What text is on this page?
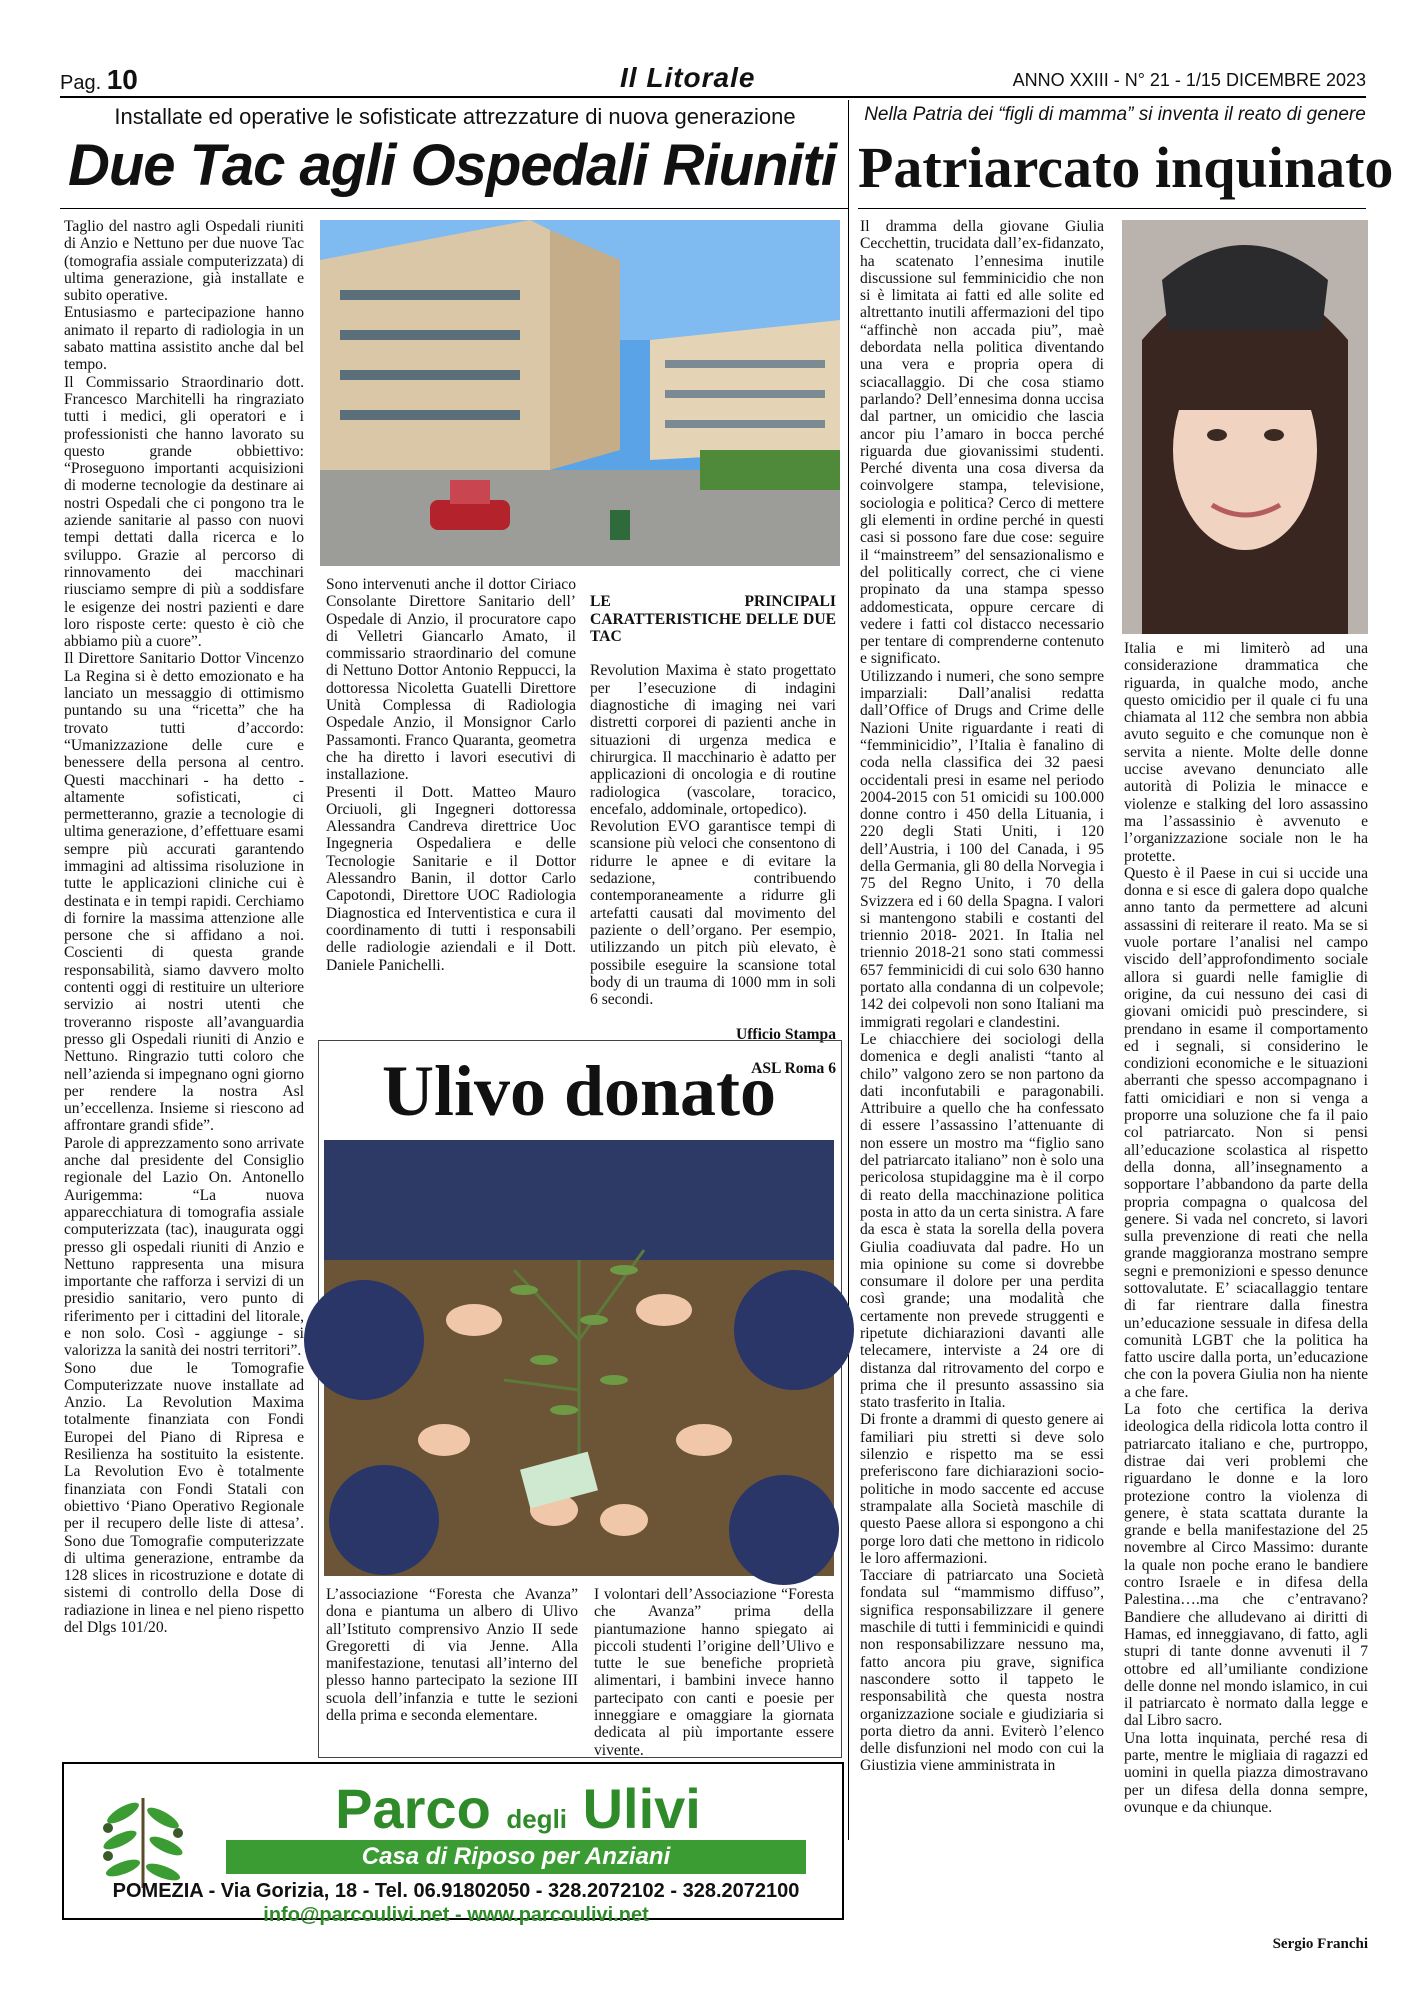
Pag. 10	Il Litorale	ANNO XXIII - N° 21 - 1/15 DICEMBRE 2023
Installate ed operative le sofisticate attrezzature di nuova generazione
Due Tac agli Ospedali Riuniti
Nella Patria dei “figli di mamma” si inventa il reato di genere
Patriarcato inquinato
Taglio del nastro agli Ospedali riuniti di Anzio e Nettuno per due nuove Tac (tomografia assiale computerizzata) di ultima generazione, già installate e subito operative.
Entusiasmo e partecipazione hanno animato il reparto di radiologia in un sabato mattina assistito anche dal bel tempo.
Il Commissario Straordinario dott. Francesco Marchitelli ha ringraziato tutti i medici, gli operatori e i professionisti che hanno lavorato su questo grande obbiettivo: “Proseguono importanti acquisizioni di moderne tecnologie da destinare ai nostri Ospedali che ci pongono tra le aziende sanitarie al passo con nuovi tempi dettati dalla ricerca e lo sviluppo. Grazie al percorso di rinnovamento dei macchinari riusciamo sempre di più a soddisfare le esigenze dei nostri pazienti e dare loro risposte certe: questo è ciò che abbiamo più a cuore”.
Il Direttore Sanitario Dottor Vincenzo La Regina si è detto emozionato e ha lanciato un messaggio di ottimismo puntando su una “ricetta” che ha trovato tutti d’accordo: “Umanizzazione delle cure e benessere della persona al centro. Questi macchinari - ha detto - altamente sofisticati, ci permetteranno, grazie a tecnologie di ultima generazione, d’effettuare esami sempre più accurati garantendo immagini ad altissima risoluzione in tutte le applicazioni cliniche cui è destinata e in tempi rapidi. Cerchiamo di fornire la massima attenzione alle persone che si affidano a noi. Coscienti di questa grande responsabilità, siamo davvero molto contenti oggi di restituire un ulteriore servizio ai nostri utenti che troveranno risposte all’avanguardia presso gli Ospedali riuniti di Anzio e Nettuno. Ringrazio tutti coloro che nell’azienda si impegnano ogni giorno per rendere la nostra Asl un’eccellenza. Insieme si riescono ad affrontare grandi sfide”.
Parole di apprezzamento sono arrivate anche dal presidente del Consiglio regionale del Lazio On. Antonello Aurigemma: “La nuova apparecchiatura di tomografia assiale computerizzata (tac), inaugurata oggi presso gli ospedali riuniti di Anzio e Nettuno rappresenta una misura importante che rafforza i servizi di un presidio sanitario, vero punto di riferimento per i cittadini del litorale, e non solo. Così - aggiunge - si valorizza la sanità dei nostri territori”.
Sono due le Tomografie Computerizzate nuove installate ad Anzio. La Revolution Maxima totalmente finanziata con Fondi Europei del Piano di Ripresa e Resilienza ha sostituito la esistente. La Revolution Evo è totalmente finanziata con Fondi Statali con obiettivo ‘Piano Operativo Regionale per il recupero delle liste di attesa’. Sono due Tomografie computerizzate di ultima generazione, entrambe da 128 slices in ricostruzione e dotate di sistemi di controllo della Dose di radiazione in linea e nel pieno rispetto del Dlgs 101/20.
Sono intervenuti anche il dottor Ciriaco Consolante Direttore Sanitario dell’ Ospedale di Anzio, il procuratore capo di Velletri Giancarlo Amato, il commissario straordinario del comune di Nettuno Dottor Antonio Reppucci, la dottoressa Nicoletta Guatelli Direttore Unità Complessa di Radiologia Ospedale Anzio, il Monsignor Carlo Passamonti. Franco Quaranta, geometra che ha diretto i lavori esecutivi di installazione.
Presenti il Dott. Matteo Mauro Orciuoli, gli Ingegneri dottoressa Alessandra Candreva direttrice Uoc Ingegneria Ospedaliera e delle Tecnologie Sanitarie e il Dottor Alessandro Banin, il dottor Carlo Capotondi, Direttore UOC Radiologia Diagnostica ed Interventistica e cura il coordinamento di tutti i responsabili delle radiologie aziendali e il Dott. Daniele Panichelli.

LE PRINCIPALI CARATTERISTICHE DELLE DUE TAC

Revolution Maxima è stato progettato per l’esecuzione di indagini diagnostiche di imaging nei vari distretti corporei di pazienti anche in situazioni di urgenza medica e chirurgica. Il macchinario è adatto per applicazioni di oncologia e di routine radiologica (vascolare, toracico, encefalo, addominale, ortopedico).
Revolution EVO garantisce tempi di scansione più veloci che consentono di ridurre le apnee e di evitare la sedazione, contribuendo contemporaneamente a ridurre gli artefatti causati dal movimento del paziente o dell’organo. Per esempio, utilizzando un pitch più elevato, è possibile eseguire la scansione total body di un trauma di 1000 mm in soli 6 secondi.

Ufficio Stampa

ASL Roma 6

Ulivo donato
L’associazione “Foresta che Avanza” dona e piantuma un albero di Ulivo all’Istituto comprensivo Anzio II sede Gregoretti di via Jenne. Alla manifestazione, tenutasi all’interno del plesso hanno partecipato la sezione III scuola dell’infanzia e tutte le sezioni della prima e seconda elementare.
I volontari dell’Associazione “Foresta che Avanza” prima della piantumazione hanno spiegato ai piccoli studenti l’origine dell’Ulivo e tutte le sue benefiche proprietà alimentari, i bambini invece hanno partecipato con canti e poesie per inneggiare e omaggiare la giornata dedicata al più importante essere vivente.
Il dramma della giovane Giulia Cecchettin, trucidata dall’ex-fidanzato, ha scatenato l’ennesima inutile discussione sul femminicidio che non si è limitata ai fatti ed alle solite ed altrettanto inutili affermazioni del tipo “affinchè non accada piu”, maè debordata nella politica diventando una vera e propria opera di sciacallaggio. Di che cosa stiamo parlando? Dell’ennesima donna uccisa dal partner, un omicidio che lascia ancor piu l’amaro in bocca perché riguarda due giovanissimi studenti. Perché diventa una cosa diversa da coinvolgere stampa, televisione, sociologia e politica? Cerco di mettere gli elementi in ordine perché in questi casi si possono fare due cose: seguire il “mainstreem” del sensazionalismo e del politically correct, che ci viene propinato da una stampa spesso addomesticata, oppure cercare di vedere i fatti col distacco necessario per tentare di comprenderne contenuto e significato.
Utilizzando i numeri, che sono sempre imparziali: Dall’analisi redatta dall’Office of Drugs and Crime delle Nazioni Unite riguardante i reati di “femminicidio”, l’Italia è fanalino di coda nella classifica dei 32 paesi occidentali presi in esame nel periodo 2004-2015 con 51 omicidi su 100.000 donne contro i 450 della Lituania, i 220 degli Stati Uniti, i 120 dell’Austria, i 100 del Canada, i 95 della Germania, gli 80 della Norvegia i 75 del Regno Unito, i 70 della Svizzera ed i 60 della Spagna. I valori si mantengono stabili e costanti del triennio 2018- 2021. In Italia nel triennio 2018-21 sono stati commessi 657 femminicidi di cui solo 630 hanno portato alla condanna di un colpevole; 142 dei colpevoli non sono Italiani ma immigrati regolari e clandestini.
Le chiacchiere dei sociologi della domenica e degli analisti “tanto al chilo” valgono zero se non partono da dati inconfutabili e paragonabili. Attribuire a quello che ha confessato di essere l’assassino l’attenuante di non essere un mostro ma “figlio sano del patriarcato italiano” non è solo una pericolosa stupidaggine ma è il corpo di reato della macchinazione politica posta in atto da un certa sinistra. A fare da esca è stata la sorella della povera Giulia coadiuvata dal padre. Ho un mia opinione su come si dovrebbe consumare il dolore per una perdita così grande; una modalità che certamente non prevede struggenti e ripetute dichiarazioni davanti alle telecamere, interviste a 24 ore di distanza dal ritrovamento del corpo e prima che il presunto assassino sia stato trasferito in Italia.
Di fronte a drammi di questo genere ai familiari piu stretti si deve solo silenzio e rispetto ma se essi preferiscono fare dichiarazioni socio-politiche in modo saccente ed accuse strampalate alla Società maschile di questo Paese allora si espongono a chi porge loro dati che mettono in ridicolo le loro affermazioni.
Tacciare di patriarcato una Società fondata sul “mammismo diffuso”, significa responsabilizzare il genere maschile di tutti i femminicidi e quindi non responsabilizzare nessuno ma, fatto ancora piu grave, significa nascondere sotto il tappeto le responsabilità che questa nostra organizzazione sociale e giudiziaria si porta dietro da anni. Eviterò l’elenco delle disfunzioni nel modo con cui la Giustizia viene amministrata in
Italia e mi limiterò ad una considerazione drammatica che riguarda, in qualche modo, anche questo omicidio per il quale ci fu una chiamata al 112 che sembra non abbia avuto seguito e che comunque non è servita a niente. Molte delle donne uccise avevano denunciato alle autorità di Polizia le minacce e violenze e stalking del loro assassino ma l’assassinio è avvenuto e l’organizzazione sociale non le ha protette.
Questo è il Paese in cui si uccide una donna e si esce di galera dopo qualche anno tanto da permettere ad alcuni assassini di reiterare il reato. Ma se si vuole portare l’analisi nel campo viscido dell’approfondimento sociale allora si guardi nelle famiglie di origine, da cui nessuno dei casi di giovani omicidi può prescindere, si prendano in esame il comportamento ed i segnali, si considerino le condizioni economiche e le situazioni aberranti che spesso accompagnano i fatti omicidiari e non si venga a proporre una soluzione che fa il paio col patriarcato. Non si pensi all’educazione scolastica al rispetto della donna, all’insegnamento a sopportare l’abbandono da parte della propria compagna o qualcosa del genere. Si vada nel concreto, si lavori sulla prevenzione di reati che nella grande maggioranza mostrano sempre segni e premonizioni e spesso denunce sottovalutate. E’ sciacallaggio tentare di far rientrare dalla finestra un’educazione sessuale in difesa della comunità LGBT che la politica ha fatto uscire dalla porta, un’educazione che con la povera Giulia non ha niente a che fare.
La foto che certifica la deriva ideologica della ridicola lotta contro il patriarcato italiano e che, purtroppo, distrae dai veri problemi che riguardano le donne e la loro protezione contro la violenza di genere, è stata scattata durante la grande e bella manifestazione del 25 novembre al Circo Massimo: durante la quale non poche erano le bandiere contro Israele e in difesa della Palestina….ma che c’entravano? Bandiere che alludevano ai diritti di Hamas, ed inneggiavano, di fatto, agli stupri di tante donne avvenuti il 7 ottobre ed all’umiliante condizione delle donne nel mondo islamico, in cui il patriarcato è normato dalla legge e dal Libro sacro.
Una lotta inquinata, perché resa di parte, mentre le migliaia di ragazzi ed uomini in quella piazza dimostravano per un difesa della donna sempre, ovunque e da chiunque.
Sergio Franchi
Parco degli Ulivi
Casa di Riposo per Anziani
POMEZIA - Via Gorizia, 18 - Tel. 06.91802050 - 328.2072102 - 328.2072100
info@parcoulivi.net - www.parcoulivi.net
